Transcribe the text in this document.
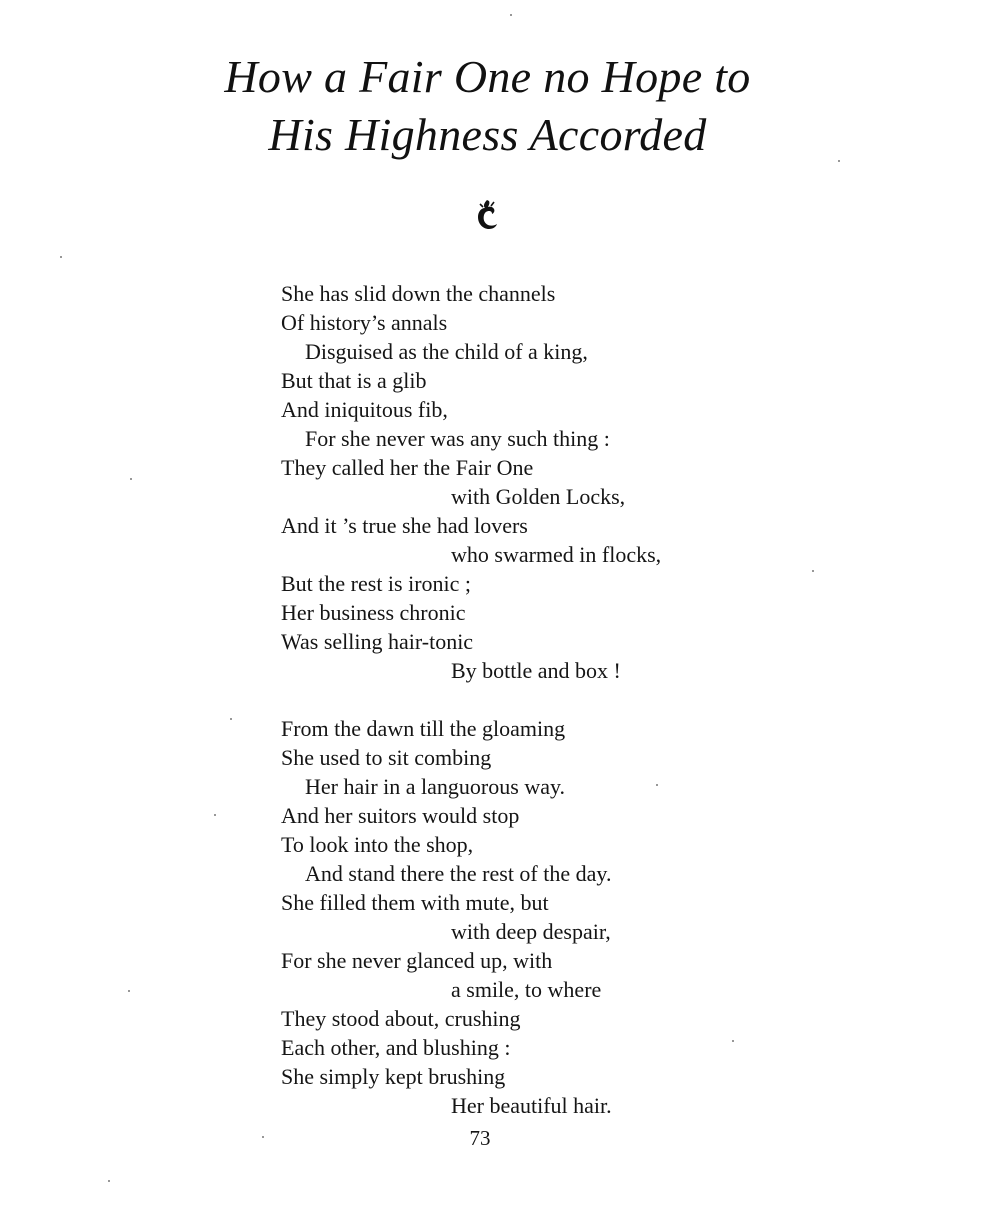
How a Fair One no Hope to
His Highness Accorded
She has slid down the channels
Of history’s annals
Disguised as the child of a king,
But that is a glib
And iniquitous fib,
For she never was any such thing :
They called her the Fair One
with Golden Locks,
And it ’s true she had lovers
who swarmed in flocks,
But the rest is ironic ;
Her business chronic
Was selling hair-tonic
By bottle and box !
From the dawn till the gloaming
She used to sit combing
Her hair in a languorous way.
And her suitors would stop
To look into the shop,
And stand there the rest of the day.
She filled them with mute, but
with deep despair,
For she never glanced up, with
a smile, to where
They stood about, crushing
Each other, and blushing :
She simply kept brushing
Her beautiful hair.
73
